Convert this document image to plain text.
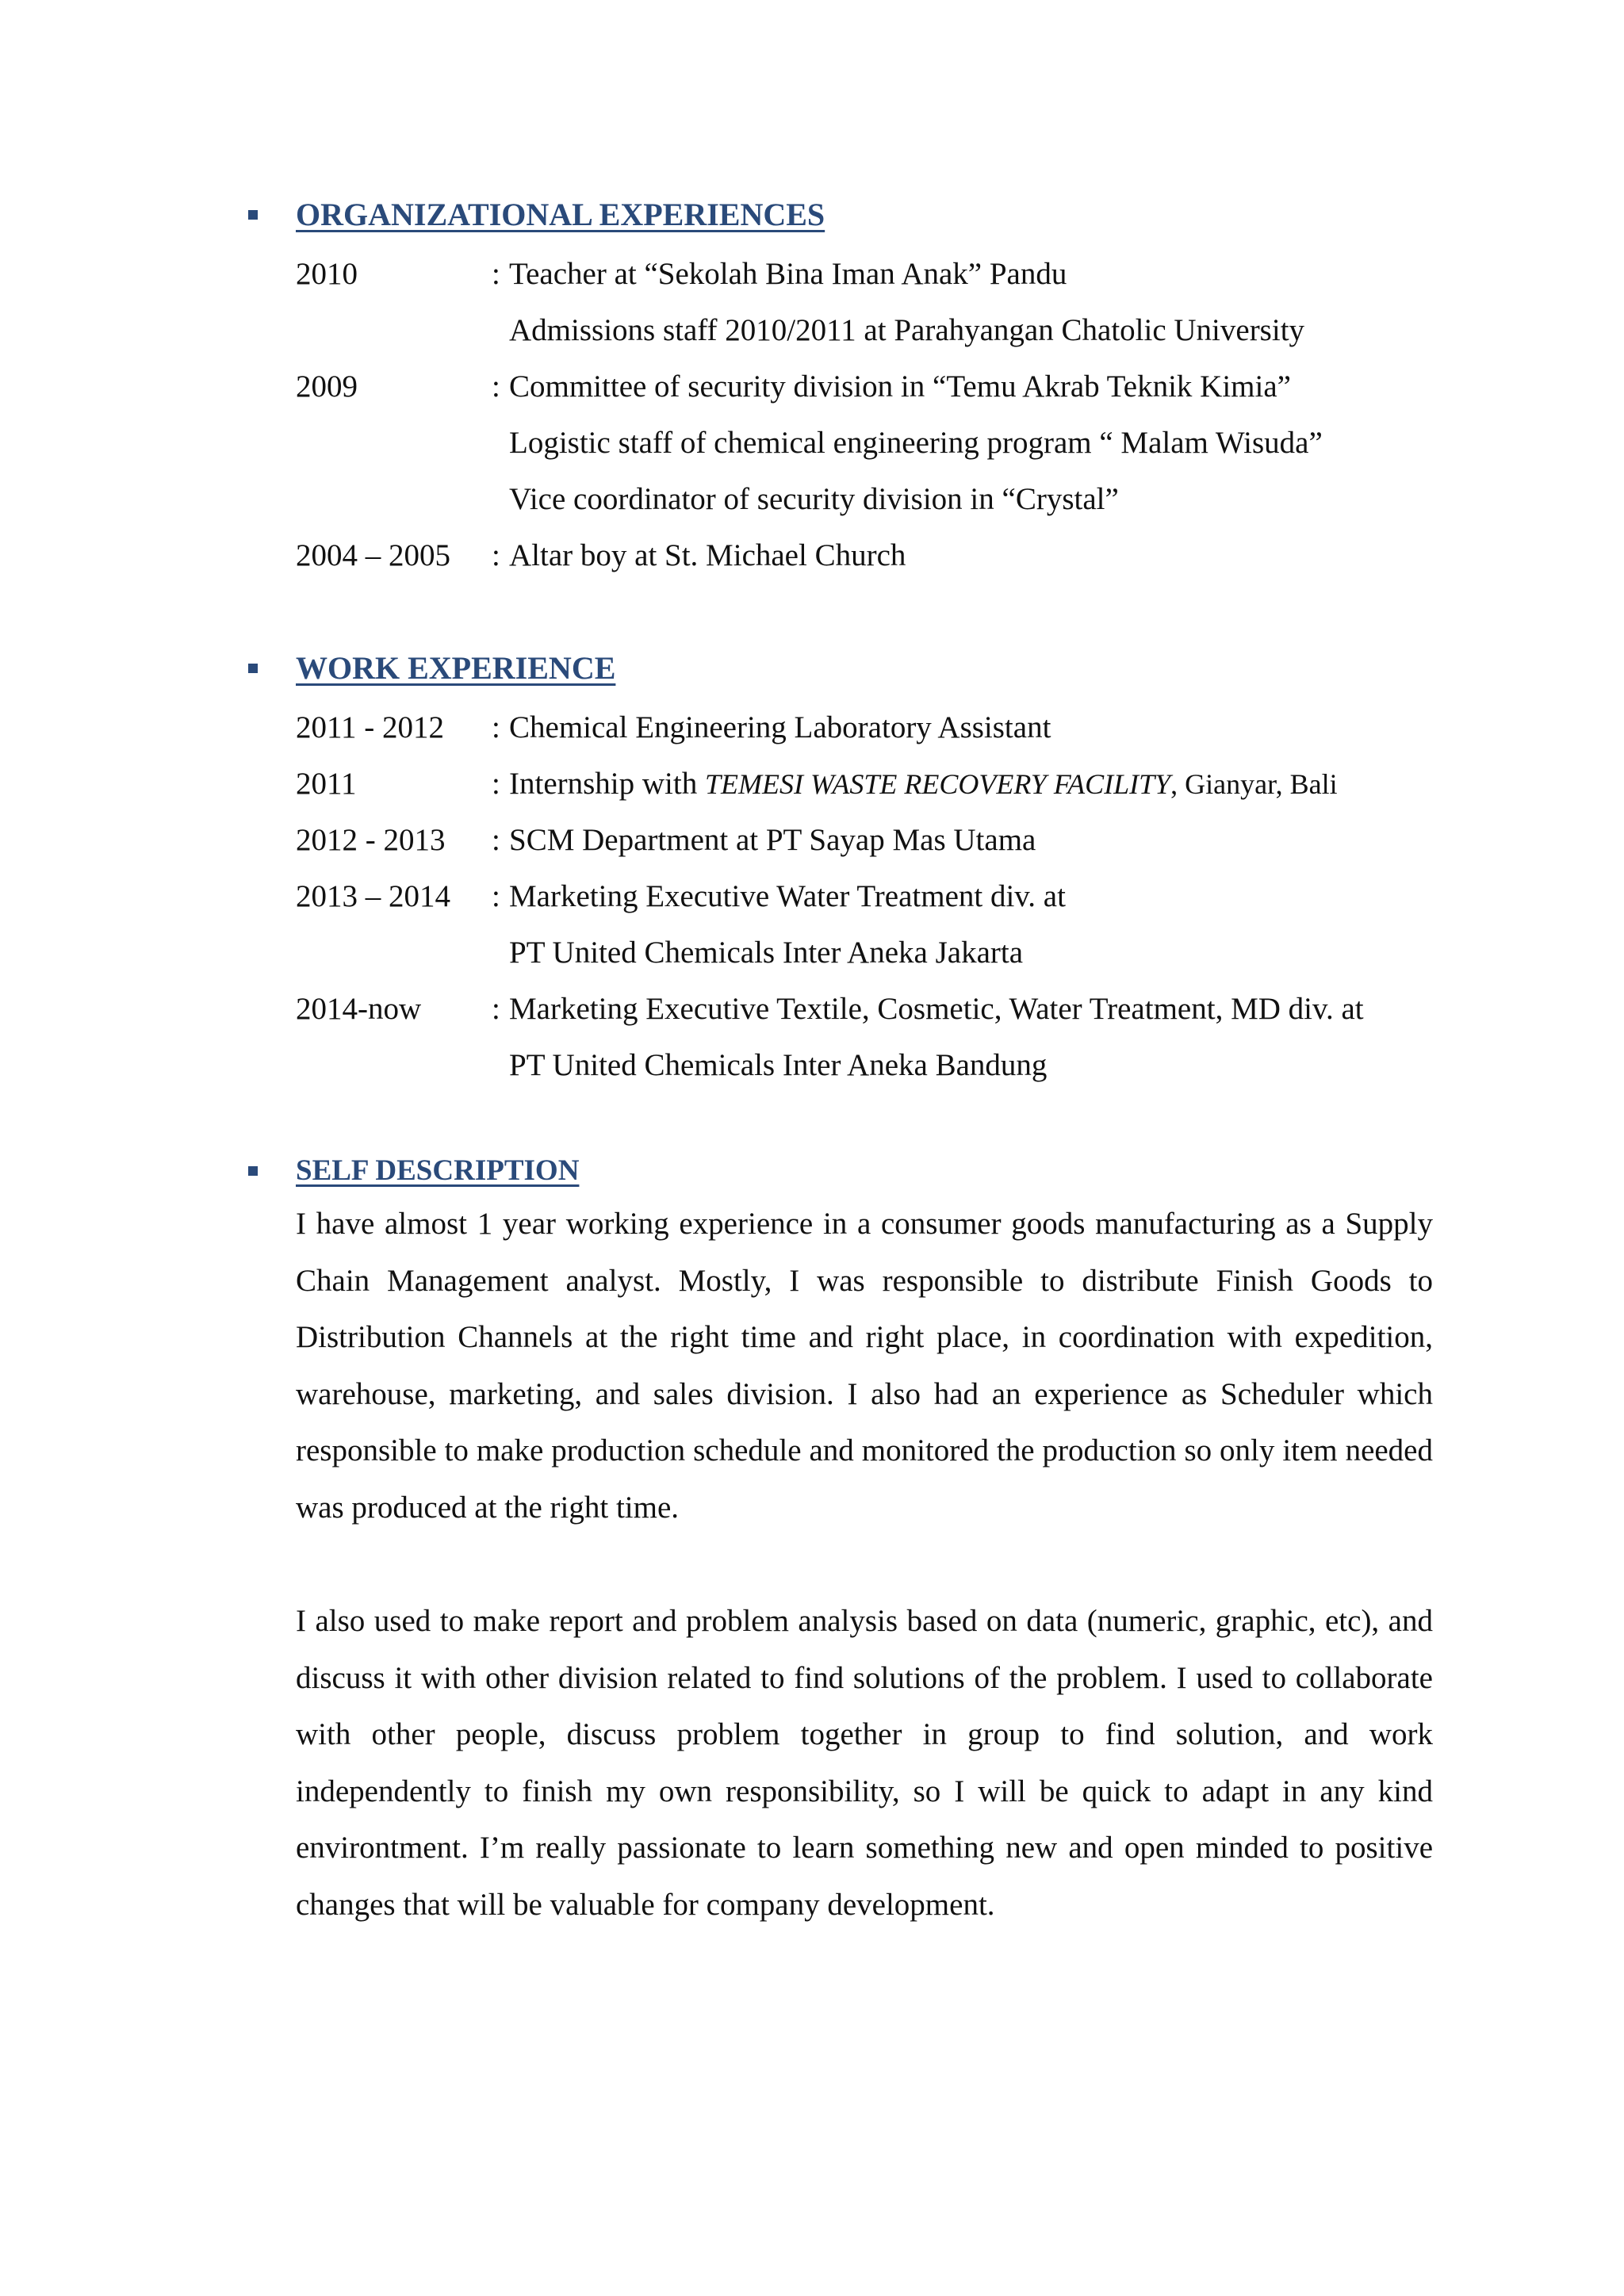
ORGANIZATIONAL EXPERIENCES
2010	: Teacher at “Sekolah Bina Iman Anak” Pandu
Admissions staff 2010/2011 at Parahyangan Chatolic University
2009	: Committee of security division in “Temu Akrab Teknik Kimia”
Logistic staff of chemical engineering program “ Malam Wisuda”
Vice coordinator of security division in “Crystal”
2004 – 2005 : Altar boy at St. Michael Church
WORK EXPERIENCE
2011 - 2012 : Chemical Engineering Laboratory Assistant
2011	: Internship with TEMESI WASTE RECOVERY FACILITY, Gianyar, Bali
2012 - 2013 : SCM Department at PT Sayap Mas Utama
2013 – 2014 : Marketing Executive Water Treatment div. at
PT United Chemicals Inter Aneka Jakarta
2014-now : Marketing Executive Textile, Cosmetic, Water Treatment, MD div. at
PT United Chemicals Inter Aneka Bandung
SELF DESCRIPTION

I have almost 1 year working experience in a consumer goods manufacturing as a Supply Chain Management analyst. Mostly, I was responsible to distribute Finish Goods to Distribution Channels at the right time and right place, in coordination with expedition, warehouse, marketing, and sales division. I also had an experience as Scheduler which responsible to make production schedule and monitored the production so only item needed was produced at the right time.

I also used to make report and problem analysis based on data (numeric, graphic, etc), and discuss it with other division related to find solutions of the problem. I used to collaborate with other people, discuss problem together in group to find solution, and work independently to finish my own responsibility, so I will be quick to adapt in any kind environtment. I’m really passionate to learn something new and open minded to positive changes that will be valuable for company development.
